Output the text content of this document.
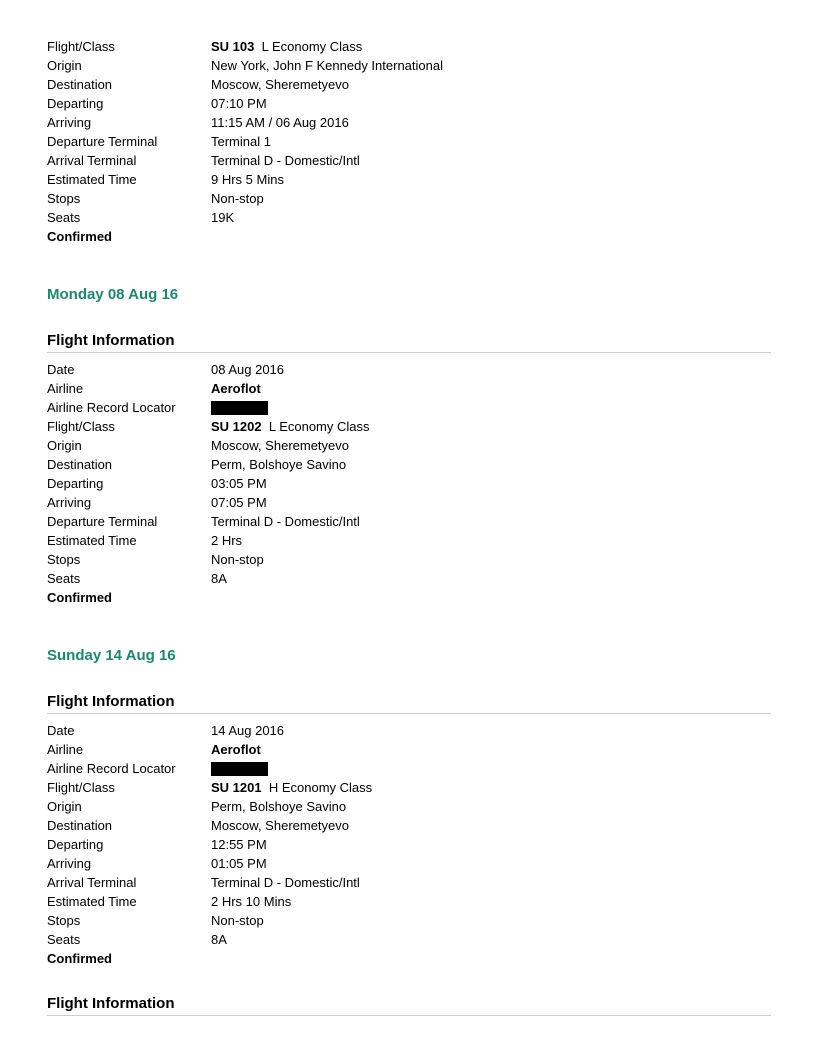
Flight/Class	SU 103 L Economy Class
Origin	New York, John F Kennedy International
Destination	Moscow, Sheremetyevo
Departing	07:10 PM
Arriving	11:15 AM / 06 Aug 2016
Departure Terminal	Terminal 1
Arrival Terminal	Terminal D - Domestic/Intl
Estimated Time	9 Hrs 5 Mins
Stops	Non-stop
Seats	19K
Confirmed
Monday 08 Aug 16
Flight Information
Date	08 Aug 2016
Airline	Aeroflot
Airline Record Locator
Flight/Class	SU 1202 L Economy Class
Origin	Moscow, Sheremetyevo
Destination	Perm, Bolshoye Savino
Departing	03:05 PM
Arriving	07:05 PM
Departure Terminal	Terminal D - Domestic/Intl
Estimated Time	2 Hrs
Stops	Non-stop
Seats	8A
Confirmed
Sunday 14 Aug 16
Flight Information
Date	14 Aug 2016
Airline	Aeroflot
Airline Record Locator
Flight/Class	SU 1201 H Economy Class
Origin	Perm, Bolshoye Savino
Destination	Moscow, Sheremetyevo
Departing	12:55 PM
Arriving	01:05 PM
Arrival Terminal	Terminal D - Domestic/Intl
Estimated Time	2 Hrs 10 Mins
Stops	Non-stop
Seats	8A
Confirmed
Flight Information
